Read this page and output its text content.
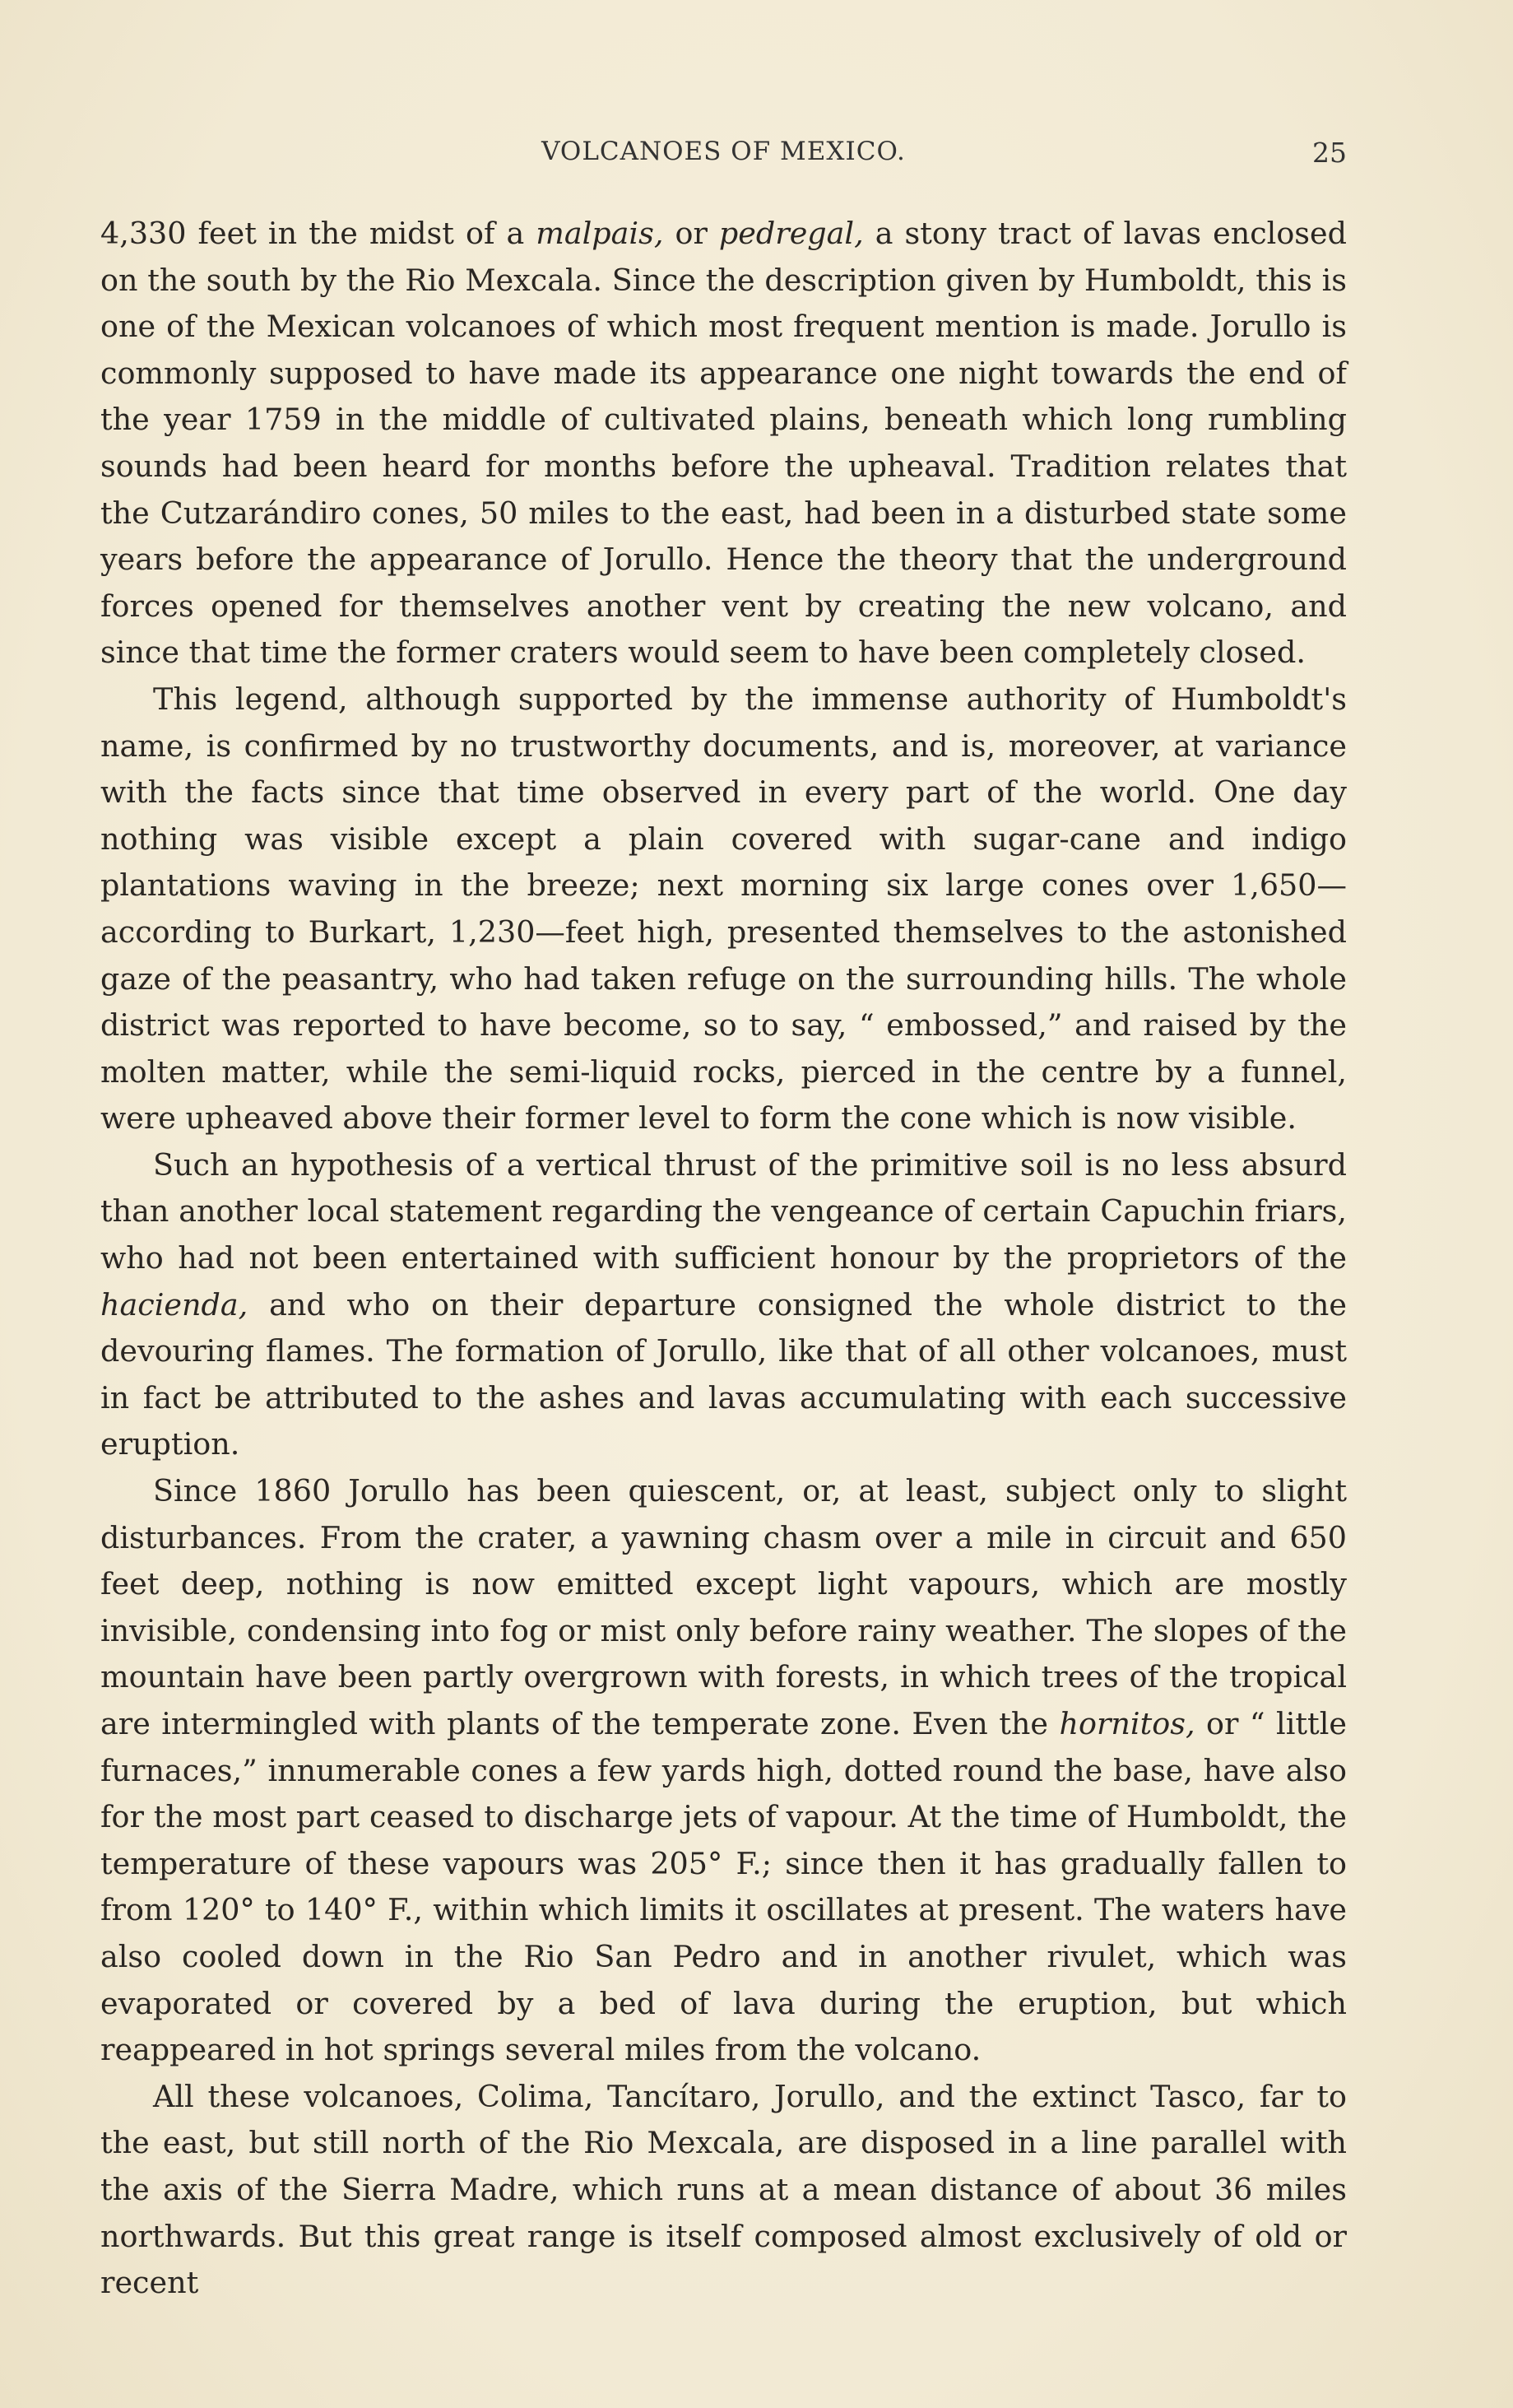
VOLCANOES OF MEXICO.	25

4,330 feet in the midst of a malpais, or pedregal, a stony tract of lavas enclosed on the south by the Rio Mexcala. Since the description given by Humboldt, this is one of the Mexican volcanoes of which most frequent mention is made. Jorullo is commonly supposed to have made its appearance one night towards the end of the year 1759 in the middle of cultivated plains, beneath which long rumbling sounds had been heard for months before the upheaval. Tradition relates that the Cutzarándiro cones, 50 miles to the east, had been in a disturbed state some years before the appearance of Jorullo. Hence the theory that the underground forces opened for themselves another vent by creating the new volcano, and since that time the former craters would seem to have been completely closed.

This legend, although supported by the immense authority of Humboldt's name, is confirmed by no trustworthy documents, and is, moreover, at variance with the facts since that time observed in every part of the world. One day nothing was visible except a plain covered with sugar-cane and indigo plantations waving in the breeze; next morning six large cones over 1,650—according to Burkart, 1,230—feet high, presented themselves to the astonished gaze of the peasantry, who had taken refuge on the surrounding hills. The whole district was reported to have become, so to say, “ embossed,” and raised by the molten matter, while the semi-liquid rocks, pierced in the centre by a funnel, were upheaved above their former level to form the cone which is now visible.

Such an hypothesis of a vertical thrust of the primitive soil is no less absurd than another local statement regarding the vengeance of certain Capuchin friars, who had not been entertained with sufficient honour by the proprietors of the hacienda, and who on their departure consigned the whole district to the devouring flames. The formation of Jorullo, like that of all other volcanoes, must in fact be attributed to the ashes and lavas accumulating with each successive eruption.

Since 1860 Jorullo has been quiescent, or, at least, subject only to slight disturbances. From the crater, a yawning chasm over a mile in circuit and 650 feet deep, nothing is now emitted except light vapours, which are mostly invisible, condensing into fog or mist only before rainy weather. The slopes of the mountain have been partly overgrown with forests, in which trees of the tropical are intermingled with plants of the temperate zone. Even the hornitos, or “ little furnaces,” innumerable cones a few yards high, dotted round the base, have also for the most part ceased to discharge jets of vapour. At the time of Humboldt, the temperature of these vapours was 205° F.; since then it has gradually fallen to from 120° to 140° F., within which limits it oscillates at present. The waters have also cooled down in the Rio San Pedro and in another rivulet, which was evaporated or covered by a bed of lava during the eruption, but which reappeared in hot springs several miles from the volcano.

All these volcanoes, Colima, Tancítaro, Jorullo, and the extinct Tasco, far to the east, but still north of the Rio Mexcala, are disposed in a line parallel with the axis of the Sierra Madre, which runs at a mean distance of about 36 miles northwards. But this great range is itself composed almost exclusively of old or recent
